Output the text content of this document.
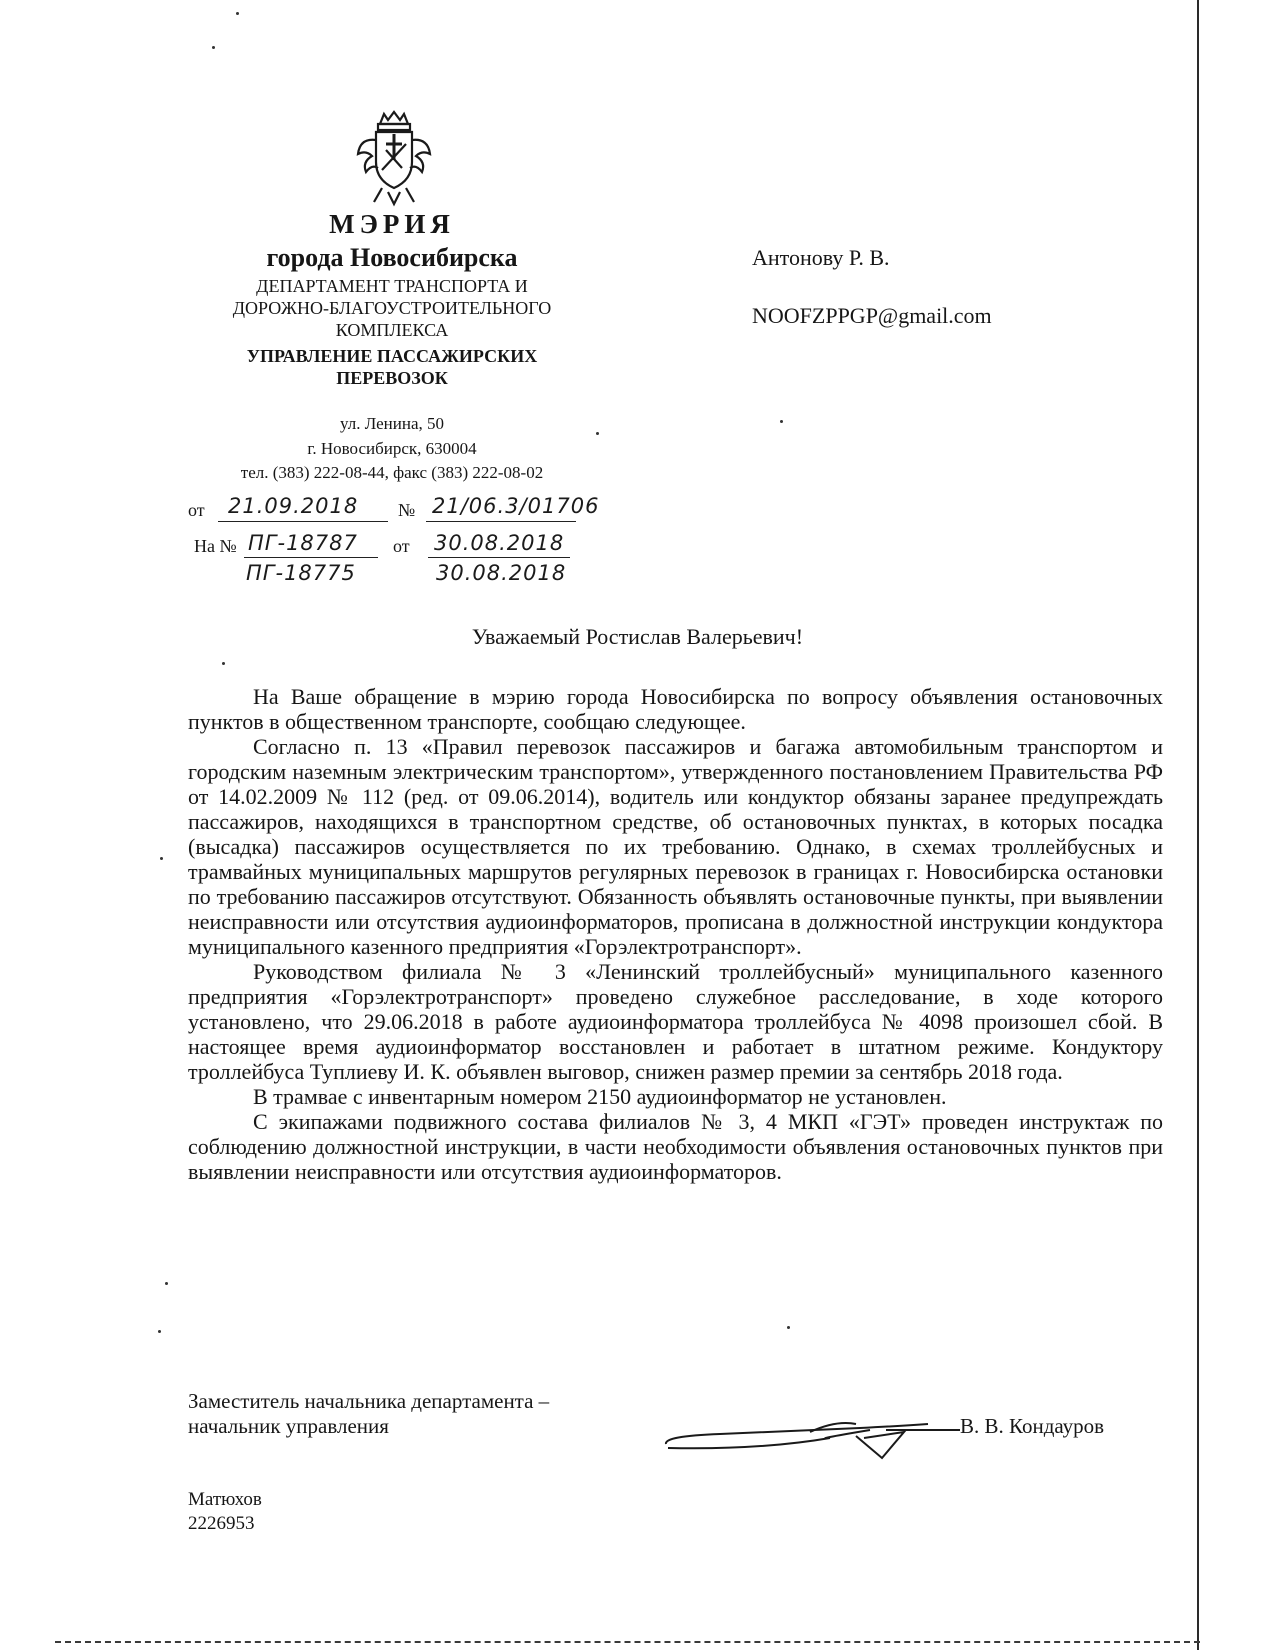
МЭРИЯ
города Новосибирска
ДЕПАРТАМЕНТ ТРАНСПОРТА И
ДОРОЖНО-БЛАГОУСТРОИТЕЛЬНОГО
КОМПЛЕКСА
УПРАВЛЕНИЕ ПАССАЖИРСКИХ
ПЕРЕВОЗОК
ул. Ленина, 50
г. Новосибирск, 630004
тел. (383) 222-08-44, факс (383) 222-08-02
от 21.09.2018 № 21/06.3/01706
На № ПГ-18787 от 30.08.2018
ПГ-18775	30.08.2018
Антонову Р. В.
NOOFZPPGP@gmail.com
Уважаемый Ростислав Валерьевич!

На Ваше обращение в мэрию города Новосибирска по вопросу объявления остановочных пунктов в общественном транспорте, сообщаю следующее.

Согласно п. 13 «Правил перевозок пассажиров и багажа автомобильным транспортом и городским наземным электрическим транспортом», утвержденного постановлением Правительства РФ от 14.02.2009 № 112 (ред. от 09.06.2014), водитель или кондуктор обязаны заранее предупреждать пассажиров, находящихся в транспортном средстве, об остановочных пунктах, в которых посадка (высадка) пассажиров осуществляется по их требованию. Однако, в схемах троллейбусных и трамвайных муниципальных маршрутов регулярных перевозок в границах г. Новосибирска остановки по требованию пассажиров отсутствуют. Обязанность объявлять остановочные пункты, при выявлении неисправности или отсутствия аудиоинформаторов, прописана в должностной инструкции кондуктора муниципального казенного предприятия «Горэлектротранспорт».

Руководством филиала № 3 «Ленинский троллейбусный» муниципального казенного предприятия «Горэлектротранспорт» проведено служебное расследование, в ходе которого установлено, что 29.06.2018 в работе аудиоинформатора троллейбуса № 4098 произошел сбой. В настоящее время аудиоинформатор восстановлен и работает в штатном режиме. Кондуктору троллейбуса Туплиеву И. К. объявлен выговор, снижен размер премии за сентябрь 2018 года.

В трамвае с инвентарным номером 2150 аудиоинформатор не установлен.

С экипажами подвижного состава филиалов № 3, 4 МКП «ГЭТ» проведен инструктаж по соблюдению должностной инструкции, в части необходимости объявления остановочных пунктов при выявлении неисправности или отсутствия аудиоинформаторов.

Заместитель начальника департамента –
начальник управления	В. В. Кондауров
Матюхов
2226953
